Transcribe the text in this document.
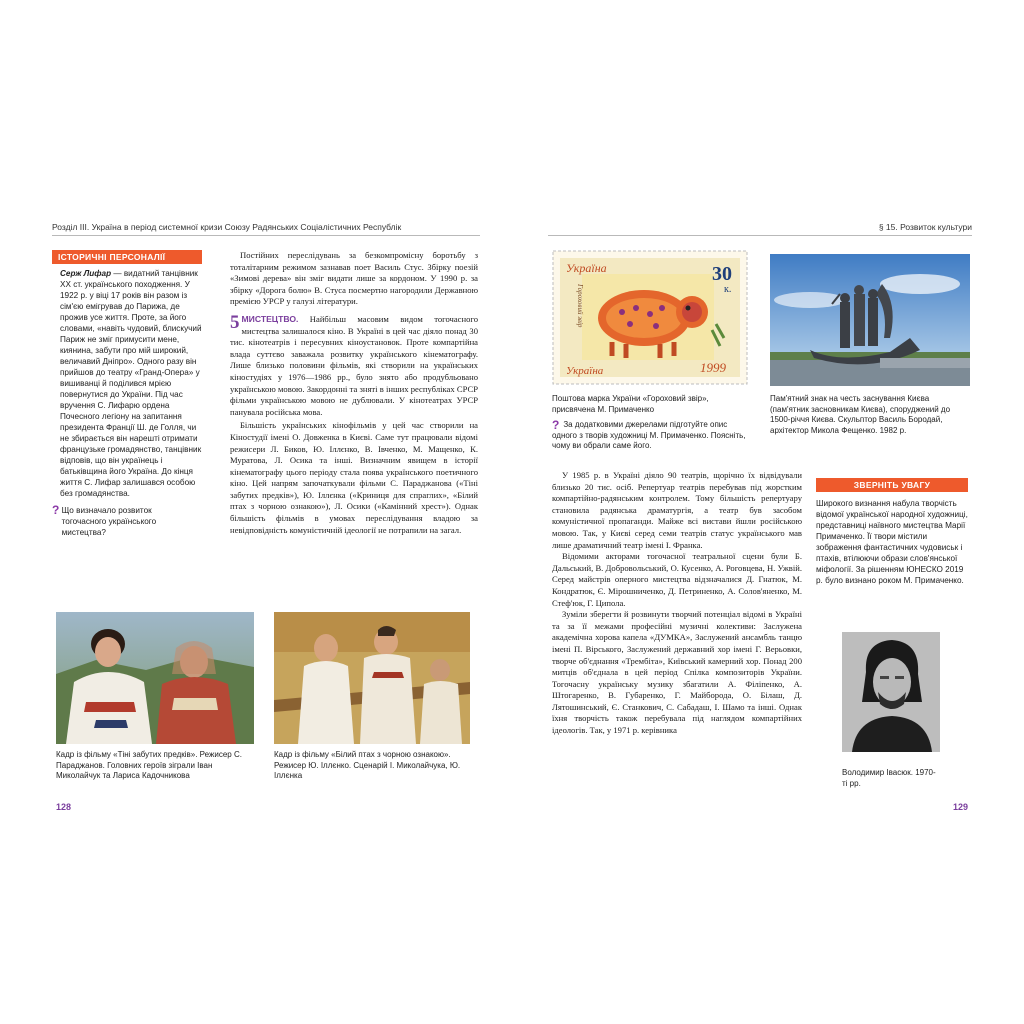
Розділ ІІІ. Україна в період системної кризи Союзу Радянських Соціалістичних Республік
ІСТОРИЧНІ ПЕРСОНАЛІЇ
Серж Лифар — видатний танцівник ХХ ст. українського походження. У 1922 р. у віці 17 років він разом із сім'єю емігрував до Парижа, де прожив усе життя. Проте, за його словами, «навіть чудовий, блискучий Париж не зміг примусити мене, киянина, забути про мій широкий, величавий Дніпро». Одного разу він прийшов до театру «Гранд-Опера» у вишиванці й поділився мрією повернутися до України. Під час вручення С. Лифарю ордена Почесного легіону на запитання президента Франції Ш. де Голля, чи не збирається він нарешті отримати французьке громадянство, танцівник відповів, що він українець і батьківщина його Україна. До кінця життя С. Лифар залишався особою без громадянства.
? Що визначало розвиток тогочасного українського мистецтва?

Постійних переслідувань за безкомпромісну боротьбу з тоталітарним режимом зазнавав поет Василь Стус. Збірку поезій «Зимові дерева» він зміг видати лише за кордоном. У 1990 р. за збірку «Дорога болю» В. Стуса посмертно нагородили Державною премією УРСР у галузі літератури.

5 МИСТЕЦТВО. Найбільш масовим видом тогочасного мистецтва залишалося кіно. В Україні в цей час діяло понад 30 тис. кінотеатрів і пересувних кіноустановок. Проте компартійна влада суттєво заважала розвитку українського кінематографу. Лише близько половини фільмів, які створили на українських кіностудіях у 1976—1986 рр., було знято або продубльовано українською мовою. Закордонні та зняті в інших республіках СРСР фільми українською мовою не дублювали. У кінотеатрах УРСР панувала російська мова.

Більшість українських кінофільмів у цей час створили на Кіностудії імені О. Довженка в Києві. Саме тут працювали відомі режисери Л. Биков, Ю. Іллєнко, В. Івченко, М. Мащенко, К. Муратова, Л. Осика та інші. Визначним явищем в історії кінематографу цього періоду стала поява українського поетичного кіно. Цей напрям започаткували фільми С. Параджанова («Тіні забутих предків»), Ю. Іллєнка («Криниця для спраглих», «Білий птах з чорною ознакою»), Л. Осики («Камінний хрест»). Однак більшість фільмів в умовах переслідування владою за невідповідність комуністичній ідеології не потрапили на загал.

Кадр із фільму «Тіні забутих предків». Режисер С. Параджанов. Головних героїв зіграли Іван Миколайчук та Лариса Кадочникова
Кадр із фільму «Білий птах з чорною ознакою». Режисер Ю. Іллєнко. Сценарій І. Миколайчука, Ю. Іллєнка
128
§ 15. Розвиток культури
Україна
Україна
30
к.
1999
Гороховий звір
Поштова марка України «Гороховий звір», присвячена М. Примаченко
? За додатковими джерелами підготуйте опис одного з творів художниці М. Примаченко. Поясніть, чому ви обрали саме його.
Пам'ятний знак на честь заснування Києва (пам'ятник засновникам Києва), споруджений до 1500-річчя Києва. Скульптор Василь Бородай, архітектор Микола Фещенко. 1982 р.

У 1985 р. в Україні діяло 90 театрів, щорічно їх відвідували близько 20 тис. осіб. Репертуар театрів перебував під жорстким компартійно-радянським контролем. Тому більшість репертуару становила радянська драматургія, а театр був засобом комуністичної пропаганди. Майже всі вистави йшли російською мовою. Так, у Києві серед семи театрів статус українського мав лише драматичний театр імені І. Франка.

Відомими акторами тогочасної театральної сцени були Б. Дальський, В. Добровольський, О. Кусенко, А. Роговцева, Н. Ужвій. Серед майстрів оперного мистецтва відзначалися Д. Гнатюк, М. Кондратюк, Є. Мірошниченко, Д. Петриненко, А. Солов'яненко, М. Стеф'юк, Г. Ципола.

Зуміли зберегти й розвинути творчий потенціал відомі в Україні та за її межами професійні музичні колективи: Заслужена академічна хорова капела «ДУМКА», Заслужений ансамбль танцю імені П. Вірського, Заслужений державний хор імені Г. Верьовки, творче об'єднання «Трембіта», Київський камерний хор. Понад 200 митців об'єднала в цей період Спілка композиторів України. Тогочасну українську музику збагатили А. Філіпенко, А. Штогаренко, В. Губаренко, Г. Майборода, О. Білаш, Д. Лятошинський, Є. Станкович, С. Сабадаш, І. Шамо та інші. Однак їхня творчість також перебувала під наглядом компартійних ідеологів. Так, у 1971 р. керівника

ЗВЕРНІТЬ УВАГУ
Широкого визнання набула творчість відомої української народної художниці, представниці наївного мистецтва Марії Примаченко. Її твори містили зображення фантастичних чудовиськ і птахів, втілюючи образи слов'янської міфології. За рішенням ЮНЕСКО 2019 р. було визнано роком М. Примаченко.
Володимир Івасюк. 1970-ті рр.
129
